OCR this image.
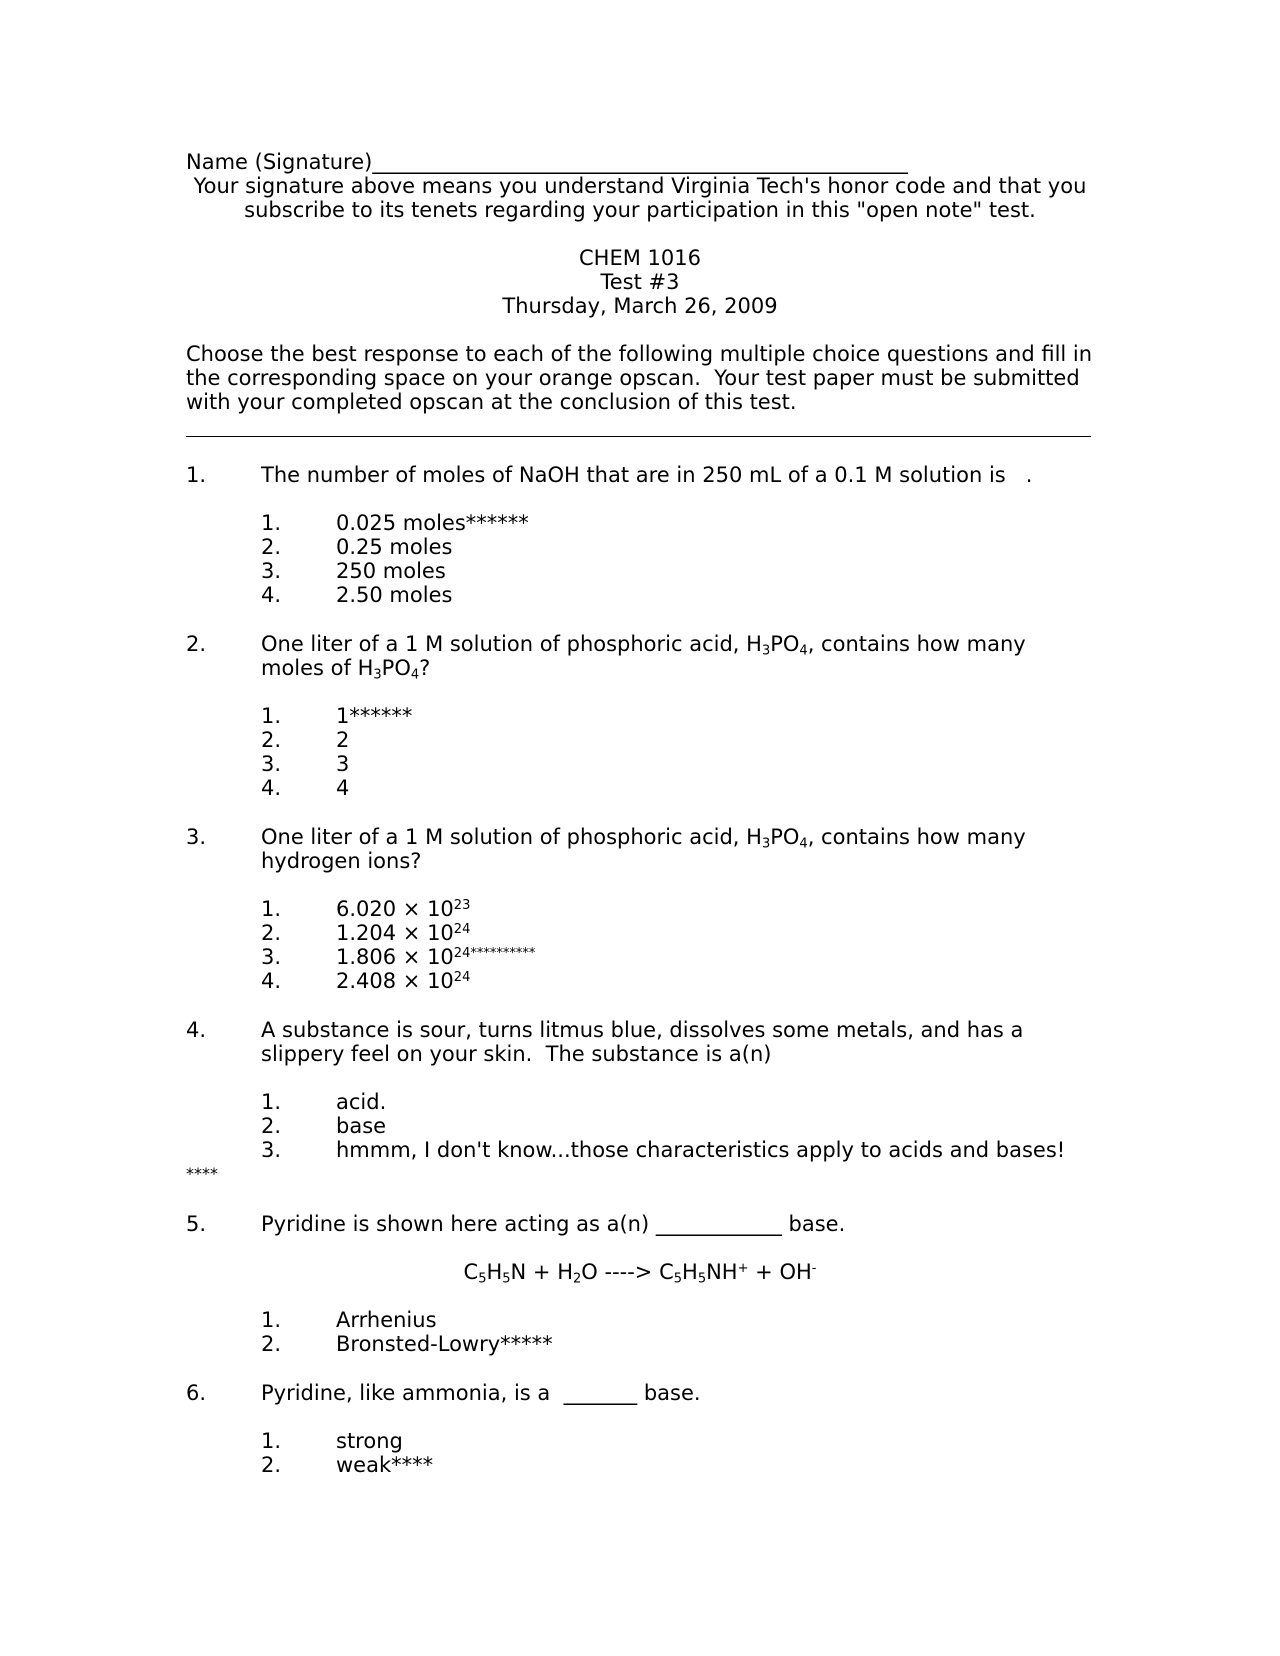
Name (Signature)___________________________________________________
Your signature above means you understand Virginia Tech's honor code and that you
subscribe to its tenets regarding your participation in this "open note" test.
CHEM 1016
Test #3
Thursday, March 26, 2009
Choose the best response to each of the following multiple choice questions and fill in
the corresponding space on your orange opscan.  Your test paper must be submitted
with your completed opscan at the conclusion of this test.
1.	The number of moles of NaOH that are in 250 mL of a 0.1 M solution is   .
1.	0.025 moles******
2.	0.25 moles
3.	250 moles
4.	2.50 moles
2.	One liter of a 1 M solution of phosphoric acid, $H_3PO_4$, contains how many
moles of $H_3PO_4$?
1.	1******
2.	2
3.	3
4.	4
3.	One liter of a 1 M solution of phosphoric acid, $H_3PO_4$, contains how many
hydrogen ions?
1.	$6.020 \times 10^{23}$
2.	$1.204 \times 10^{24}$
3.	$1.806 \times 10^{24**********}$
4.	$2.408 \times 10^{24}$
4.	A substance is sour, turns litmus blue, dissolves some metals, and has a
slippery feel on your skin.  The substance is a(n)
1.	acid.
2.	base
3.	hmmm, I don't know...those characteristics apply to acids and bases!
****
5.	Pyridine is shown here acting as a(n) ____________ base.
$C_5H_5N + H_2O$ ----> $C_5H_5NH^+ + OH^-$
1.	Arrhenius
2.	Bronsted-Lowry*****
6.	Pyridine, like ammonia, is a  _______ base.
1.	strong
2.	weak****
